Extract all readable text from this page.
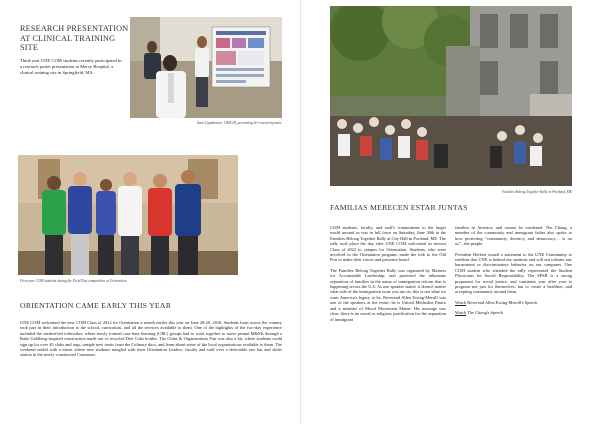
RESEARCH PRESENTATION AT CLINICAL TRAINING SITE
Third-year UNE COM students recently participated in a research poster presentation at Mercy Hospital, a clinical training site in Springfield, MA.
Sara Capobianco, OMS III, presenting her research poster.
First-year COM students during the Field Day competition at Orientation
ORIENTATION CAME EARLY THIS YEAR
UNE COM welcomed the new COM Class of 2022 for Orientation a month earlier this year on June 28-29, 2018. Students from across the country took part in their introduction to the school, curriculum, and all the services available to them. One of the highlights of the two-day experience included the student-led icebreaker, where newly formed case base learning (CBL) groups had to work together to move peanut M&Ms through a Rube Goldberg-inspired construction made out of recycled Diet Coke bottles. The Clubs & Organizations Fair was also a hit, where students could sign up for over 40 clubs and orgs, sample new treats from the Culinary docs, and learn about some of the local organizations available to them. The weekend ended with a mixer where new students mingled with their Orientation Leaders, faculty and staff over a delectable raw bar and slider station in the newly constructed Commons.
Families Belong Together Rally in Portland, ME
FAMILIAS MERECEN ESTAR JUNTAS

COM students, faculty, and staff's commitment to the larger world around us was in full force on Saturday, June 30th at the Families Belong Together Rally at City Hall in Portland, ME. The rally took place the day after UNE COM welcomed its newest Class of 2022 to campus for Orientation. Students, who were involved in the Orientation program, made the trek to the Old Port to make their voices and presence heard.

The Families Belong Together Rally was organized by Mainers for Accountable Leadership, and protested the inhumane separation of families in the name of immigration reform that is happening across the U.S. As one speaker stated, it doesn't matter what side of the immigration issue you are on, this is not what we want America's legacy to be. Reverend Allen Ewing-Merrill was one of the speakers at the event; he is United Methodist Pastor and a member of Moral Movement Maine. His message was clear: there is no moral or religious justification for the separation of immigrant

families in America, and cannot be condoned. The Chong, a member of the community and immigrant father also spoke to how protecting “community, decency, and democracy… is on us”– the people.

President Herbert issued a statement to the UNE Community to reaffirm that UNE is behind our students and will not tolerate any harassment or discriminatory behavior on our campuses. One COM student who attended the rally represented the Student Physicians for Social Responsibility. The SPSR is a strong proponent for social justice, and continues year after year to program not just for themselves, but to create a healthier, and accepting community around them.

Watch Reverend Allen Ewing-Merrill's Speech

Watch The Chong's Speech
